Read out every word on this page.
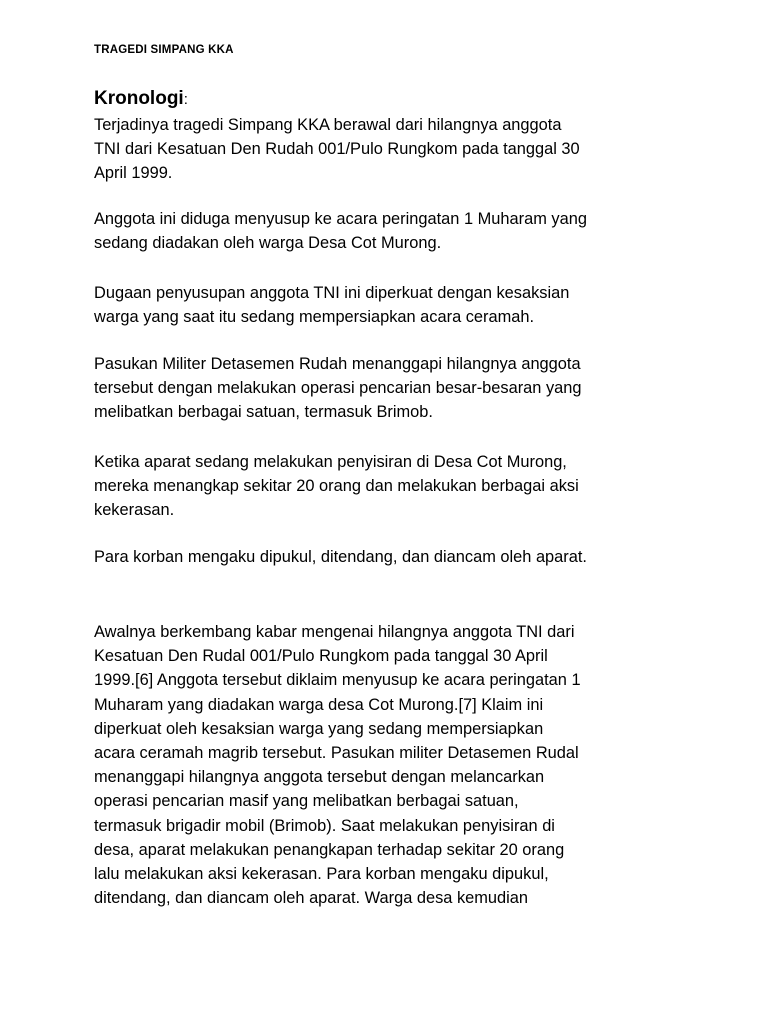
TRAGEDI SIMPANG KKA
Kronologi:

Terjadinya tragedi Simpang KKA berawal dari hilangnya anggota
TNI dari Kesatuan Den Rudah 001/Pulo Rungkom pada tanggal 30
April 1999.

Anggota ini diduga menyusup ke acara peringatan 1 Muharam yang
sedang diadakan oleh warga Desa Cot Murong.

Dugaan penyusupan anggota TNI ini diperkuat dengan kesaksian
warga yang saat itu sedang mempersiapkan acara ceramah.

Pasukan Militer Detasemen Rudah menanggapi hilangnya anggota
tersebut dengan melakukan operasi pencarian besar-besaran yang
melibatkan berbagai satuan, termasuk Brimob.

Ketika aparat sedang melakukan penyisiran di Desa Cot Murong,
mereka menangkap sekitar 20 orang dan melakukan berbagai aksi
kekerasan.

Para korban mengaku dipukul, ditendang, dan diancam oleh aparat.

Awalnya berkembang kabar mengenai hilangnya anggota TNI dari
Kesatuan Den Rudal 001/Pulo Rungkom pada tanggal 30 April
1999.[6] Anggota tersebut diklaim menyusup ke acara peringatan 1
Muharam yang diadakan warga desa Cot Murong.[7] Klaim ini
diperkuat oleh kesaksian warga yang sedang mempersiapkan
acara ceramah magrib tersebut. Pasukan militer Detasemen Rudal
menanggapi hilangnya anggota tersebut dengan melancarkan
operasi pencarian masif yang melibatkan berbagai satuan,
termasuk brigadir mobil (Brimob). Saat melakukan penyisiran di
desa, aparat melakukan penangkapan terhadap sekitar 20 orang
lalu melakukan aksi kekerasan. Para korban mengaku dipukul,
ditendang, dan diancam oleh aparat. Warga desa kemudian
